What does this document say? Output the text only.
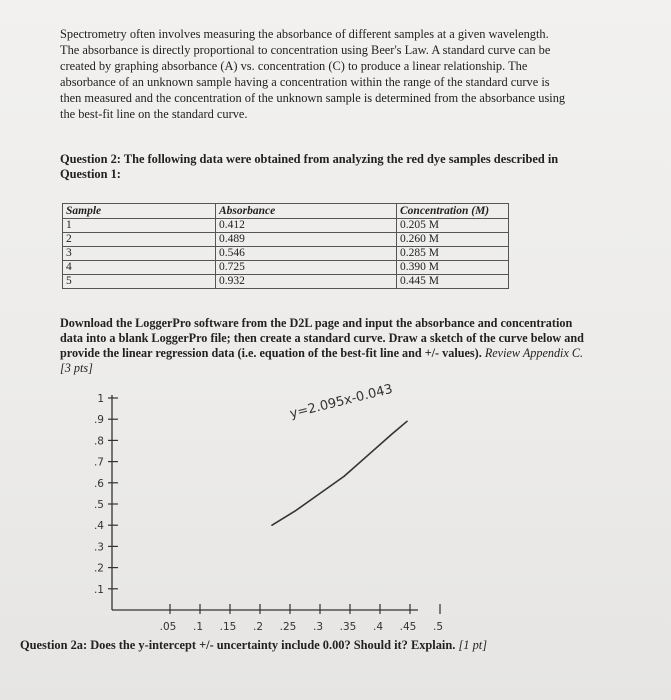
Spectrometry often involves measuring the absorbance of different samples at a given wavelength. The absorbance is directly proportional to concentration using Beer's Law. A standard curve can be created by graphing absorbance (A) vs. concentration (C) to produce a linear relationship. The absorbance of an unknown sample having a concentration within the range of the standard curve is then measured and the concentration of the unknown sample is determined from the absorbance using the best-fit line on the standard curve.

Question 2: The following data were obtained from analyzing the red dye samples described in Question 1:

Sample	Absorbance	Concentration (M)
1	0.412	0.205 M
2	0.489	0.260 M
3	0.546	0.285 M
4	0.725	0.390 M
5	0.932	0.445 M

Download the LoggerPro software from the D2L page and input the absorbance and concentration data into a blank LoggerPro file; then create a standard curve. Draw a sketch of the curve below and provide the linear regression data (i.e. equation of the best-fit line and +/- values). Review Appendix C. [3 pts]

1
.9
.8
.7
.6
.5
.4
.3
.2
.1
.05 .1 .15 .2 .25 .3 .35 .4 .45 .5
y=2.095x-0.043

Question 2a: Does the y-intercept +/- uncertainty include 0.00? Should it? Explain. [1 pt]
